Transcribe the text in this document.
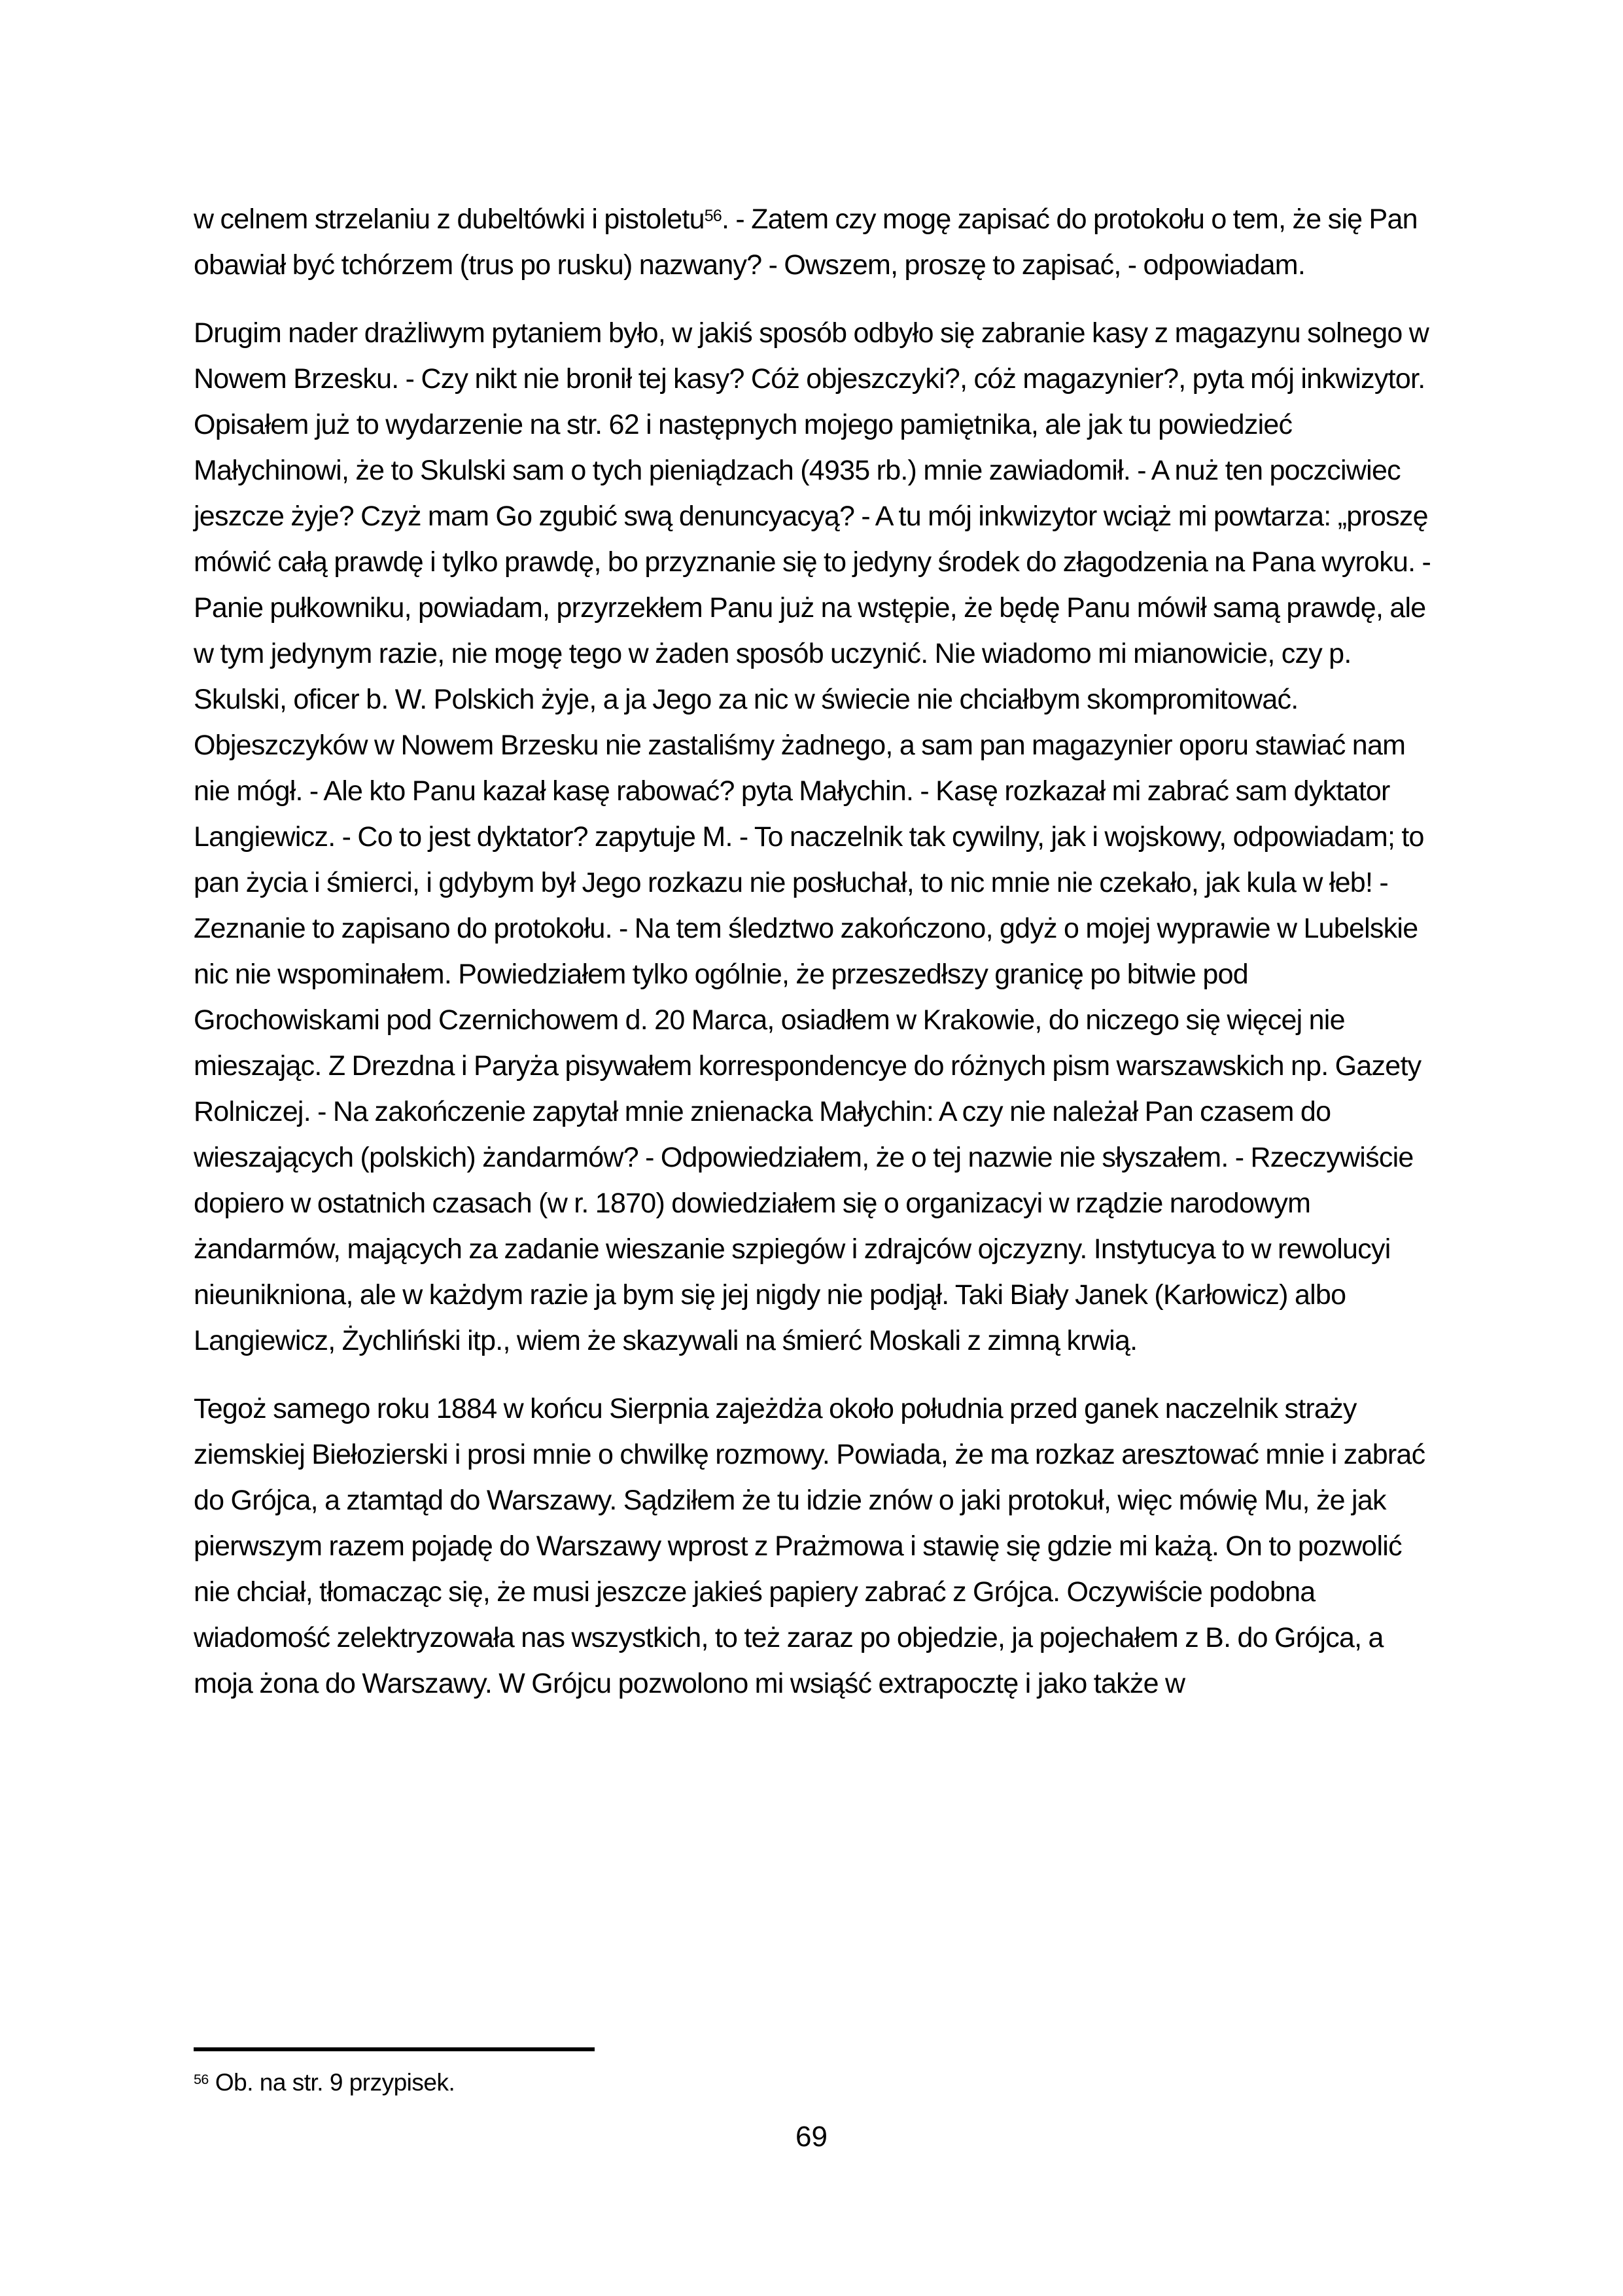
w celnem strzelaniu z dubeltówki i pistoletu$^{56}$. - Zatem czy mogę zapisać do protokołu o tem, że się Pan obawiał być tchórzem (trus po rusku) nazwany? - Owszem, proszę to zapisać, - odpowiadam.

Drugim nader drażliwym pytaniem było, w jakiś sposób odbyło się zabranie kasy z magazynu solnego w Nowem Brzesku. - Czy nikt nie bronił tej kasy? Cóż objeszczyki?, cóż magazynier?, pyta mój inkwizytor. Opisałem już to wydarzenie na str. 62 i następnych mojego pamiętnika, ale jak tu powiedzieć Małychinowi, że to Skulski sam o tych pieniądzach (4935 rb.) mnie zawiadomił. - A nuż ten poczciwiec jeszcze żyje? Czyż mam Go zgubić swą denuncyacyą? - A tu mój inkwizytor wciąż mi powtarza: „proszę mówić całą prawdę i tylko prawdę, bo przyznanie się to jedyny środek do złagodzenia na Pana wyroku. - Panie pułkowniku, powiadam, przyrzekłem Panu już na wstępie, że będę Panu mówił samą prawdę, ale w tym jedynym razie, nie mogę tego w żaden sposób uczynić. Nie wiadomo mi mianowicie, czy p. Skulski, oficer b. W. Polskich żyje, a ja Jego za nic w świecie nie chciałbym skompromitować. Objeszczyków w Nowem Brzesku nie zastaliśmy żadnego, a sam pan magazynier oporu stawiać nam nie mógł. - Ale kto Panu kazał kasę rabować? pyta Małychin. - Kasę rozkazał mi zabrać sam dyktator Langiewicz. - Co to jest dyktator? zapytuje M. - To naczelnik tak cywilny, jak i wojskowy, odpowiadam; to pan życia i śmierci, i gdybym był Jego rozkazu nie posłuchał, to nic mnie nie czekało, jak kula w łeb! - Zeznanie to zapisano do protokołu. - Na tem śledztwo zakończono, gdyż o mojej wyprawie w Lubelskie nic nie wspominałem. Powiedziałem tylko ogólnie, że przeszedłszy granicę po bitwie pod Grochowiskami pod Czernichowem d. 20 Marca, osiadłem w Krakowie, do niczego się więcej nie mieszając. Z Drezdna i Paryża pisywałem korrespondencye do różnych pism warszawskich np. Gazety Rolniczej. - Na zakończenie zapytał mnie znienacka Małychin: A czy nie należał Pan czasem do wieszających (polskich) żandarmów? - Odpowiedziałem, że o tej nazwie nie słyszałem. - Rzeczywiście dopiero w ostatnich czasach (w r. 1870) dowiedziałem się o organizacyi w rządzie narodowym żandarmów, mających za zadanie wieszanie szpiegów i zdrajców ojczyzny. Instytucya to w rewolucyi nieunikniona, ale w każdym razie ja bym się jej nigdy nie podjął. Taki Biały Janek (Karłowicz) albo Langiewicz, Żychliński itp., wiem że skazywali na śmierć Moskali z zimną krwią.

Tegoż samego roku 1884 w końcu Sierpnia zajeżdża około południa przed ganek naczelnik straży ziemskiej Biełozierski i prosi mnie o chwilkę rozmowy. Powiada, że ma rozkaz aresztować mnie i zabrać do Grójca, a ztamtąd do Warszawy. Sądziłem że tu idzie znów o jaki protokuł, więc mówię Mu, że jak pierwszym razem pojadę do Warszawy wprost z Prażmowa i stawię się gdzie mi każą. On to pozwolić nie chciał, tłomacząc się, że musi jeszcze jakieś papiery zabrać z Grójca. Oczywiście podobna wiadomość zelektryzowała nas wszystkich, to też zaraz po objedzie, ja pojechałem z B. do Grójca, a moja żona do Warszawy. W Grójcu pozwolono mi wsiąść extrapocztę i jako także w

$^{56}$ Ob. na str. 9 przypisek.
69
